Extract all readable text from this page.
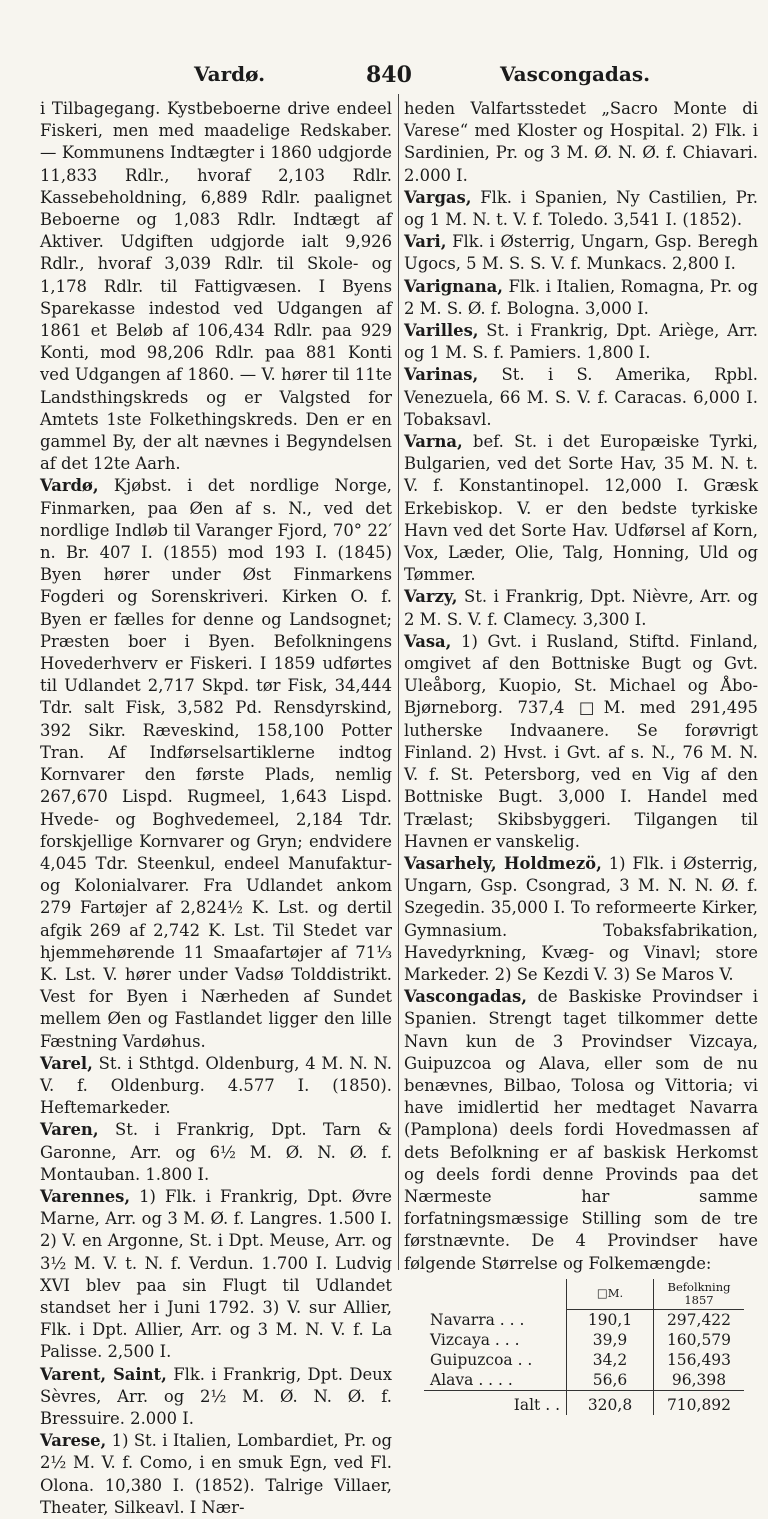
Vardø.	840	Vascongadas.

i Tilbagegang. Kystbeboerne drive endeel Fiskeri, men med maadelige Redskaber. — Kommunens Indtægter i 1860 udgjorde 11,833 Rdlr., hvoraf 2,103 Rdlr. Kassebeholdning, 6,889 Rdlr. paalignet Beboerne og 1,083 Rdlr. Indtægt af Aktiver. Udgiften udgjorde ialt 9,926 Rdlr., hvoraf 3,039 Rdlr. til Skole- og 1,178 Rdlr. til Fattigvæsen. I Byens Sparekasse indestod ved Udgangen af 1861 et Beløb af 106,434 Rdlr. paa 929 Konti, mod 98,206 Rdlr. paa 881 Konti ved Udgangen af 1860. — V. hører til 11te Landsthingskreds og er Valgsted for Amtets 1ste Folkethingskreds. Den er en gammel By, der alt nævnes i Begyndelsen af det 12te Aarh.

Vardø, Kjøbst. i det nordlige Norge, Finmarken, paa Øen af s. N., ved det nordlige Indløb til Varanger Fjord, 70° 22′ n. Br. 407 I. (1855) mod 193 I. (1845) Byen hører under Øst Finmarkens Fogderi og Sorenskriveri. Kirken O. f. Byen er fælles for denne og Landsognet; Præsten boer i Byen. Befolkningens Hovederhverv er Fiskeri. I 1859 udførtes til Udlandet 2,717 Skpd. tør Fisk, 34,444 Tdr. salt Fisk, 3,582 Pd. Rensdyrskind, 392 Sikr. Ræveskind, 158,100 Potter Tran. Af Indførselsartiklerne indtog Kornvarer den første Plads, nemlig 267,670 Lispd. Rugmeel, 1,643 Lispd. Hvede- og Boghvedemeel, 2,184 Tdr. forskjellige Kornvarer og Gryn; endvidere 4,045 Tdr. Steenkul, endeel Manufaktur- og Kolonialvarer. Fra Udlandet ankom 279 Fartøjer af 2,824½ K. Lst. og dertil afgik 269 af 2,742 K. Lst. Til Stedet var hjemmehørende 11 Smaafartøjer af 71⅓ K. Lst. V. hører under Vadsø Tolddistrikt. Vest for Byen i Nærheden af Sundet mellem Øen og Fastlandet ligger den lille Fæstning Vardøhus.

Varel, St. i Sthtgd. Oldenburg, 4 M. N. N. V. f. Oldenburg. 4.577 I. (1850). Heftemarkeder.

Varen, St. i Frankrig, Dpt. Tarn & Garonne, Arr. og 6½ M. Ø. N. Ø. f. Montauban. 1.800 I.

Varennes, 1) Flk. i Frankrig, Dpt. Øvre Marne, Arr. og 3 M. Ø. f. Langres. 1.500 I. 2) V. en Argonne, St. i Dpt. Meuse, Arr. og 3½ M. V. t. N. f. Verdun. 1.700 I. Ludvig XVI blev paa sin Flugt til Udlandet standset her i Juni 1792. 3) V. sur Allier, Flk. i Dpt. Allier, Arr. og 3 M. N. V. f. La Palisse. 2,500 I.

Varent, Saint, Flk. i Frankrig, Dpt. Deux Sèvres, Arr. og 2½ M. Ø. N. Ø. f. Bressuire. 2.000 I.

Varese, 1) St. i Italien, Lombardiet, Pr. og 2½ M. V. f. Como, i en smuk Egn, ved Fl. Olona. 10,380 I. (1852). Talrige Villaer, Theater, Silkeavl. I Nær-

heden Valfartsstedet „Sacro Monte di Varese“ med Kloster og Hospital. 2) Flk. i Sardinien, Pr. og 3 M. Ø. N. Ø. f. Chiavari. 2.000 I.

Vargas, Flk. i Spanien, Ny Castilien, Pr. og 1 M. N. t. V. f. Toledo. 3,541 I. (1852).

Vari, Flk. i Østerrig, Ungarn, Gsp. Beregh Ugocs, 5 M. S. S. V. f. Munkacs. 2,800 I.

Varignana, Flk. i Italien, Romagna, Pr. og 2 M. S. Ø. f. Bologna. 3,000 I.

Varilles, St. i Frankrig, Dpt. Ariège, Arr. og 1 M. S. f. Pamiers. 1,800 I.

Varinas, St. i S. Amerika, Rpbl. Venezuela, 66 M. S. V. f. Caracas. 6,000 I. Tobaksavl.

Varna, bef. St. i det Europæiske Tyrki, Bulgarien, ved det Sorte Hav, 35 M. N. t. V. f. Konstantinopel. 12,000 I. Græsk Erkebiskop. V. er den bedste tyrkiske Havn ved det Sorte Hav. Udførsel af Korn, Vox, Læder, Olie, Talg, Honning, Uld og Tømmer.

Varzy, St. i Frankrig, Dpt. Nièvre, Arr. og 2 M. S. V. f. Clamecy. 3,300 I.

Vasa, 1) Gvt. i Rusland, Stiftd. Finland, omgivet af den Bottniske Bugt og Gvt. Uleåborg, Kuopio, St. Michael og Åbo-Bjørneborg. 737,4 □M. med 291,495 lutherske Indvaanere. Se forøvrigt Finland. 2) Hvst. i Gvt. af s. N., 76 M. N. V. f. St. Petersborg, ved en Vig af den Bottniske Bugt. 3,000 I. Handel med Trælast; Skibsbyggeri. Tilgangen til Havnen er vanskelig.

Vasarhely, Holdmezö, 1) Flk. i Østerrig, Ungarn, Gsp. Csongrad, 3 M. N. N. Ø. f. Szegedin. 35,000 I. To reformeerte Kirker, Gymnasium. Tobaksfabrikation, Havedyrkning, Kvæg- og Vinavl; store Markeder. 2) Se Kezdi V. 3) Se Maros V.

Vascongadas, de Baskiske Provindser i Spanien. Strengt taget tilkommer dette Navn kun de 3 Provindser Vizcaya, Guipuzcoa og Alava, eller som de nu benævnes, Bilbao, Tolosa og Vittoria; vi have imidlertid her medtaget Navarra (Pamplona) deels fordi Hovedmassen af dets Befolkning er af baskisk Herkomst og deels fordi denne Provinds paa det Nærmeste har samme forfatningsmæssige Stilling som de tre førstnævnte. De 4 Provindser have følgende Størrelse og Folkemængde:

	□M.	Befolkning 1857
Navarra . . .	190,1	297,422
Vizcaya . . .	39,9	160,579
Guipuzcoa . .	34,2	156,493
Alava . . . .	56,6	96,398
Ialt . .	320,8	710,892
